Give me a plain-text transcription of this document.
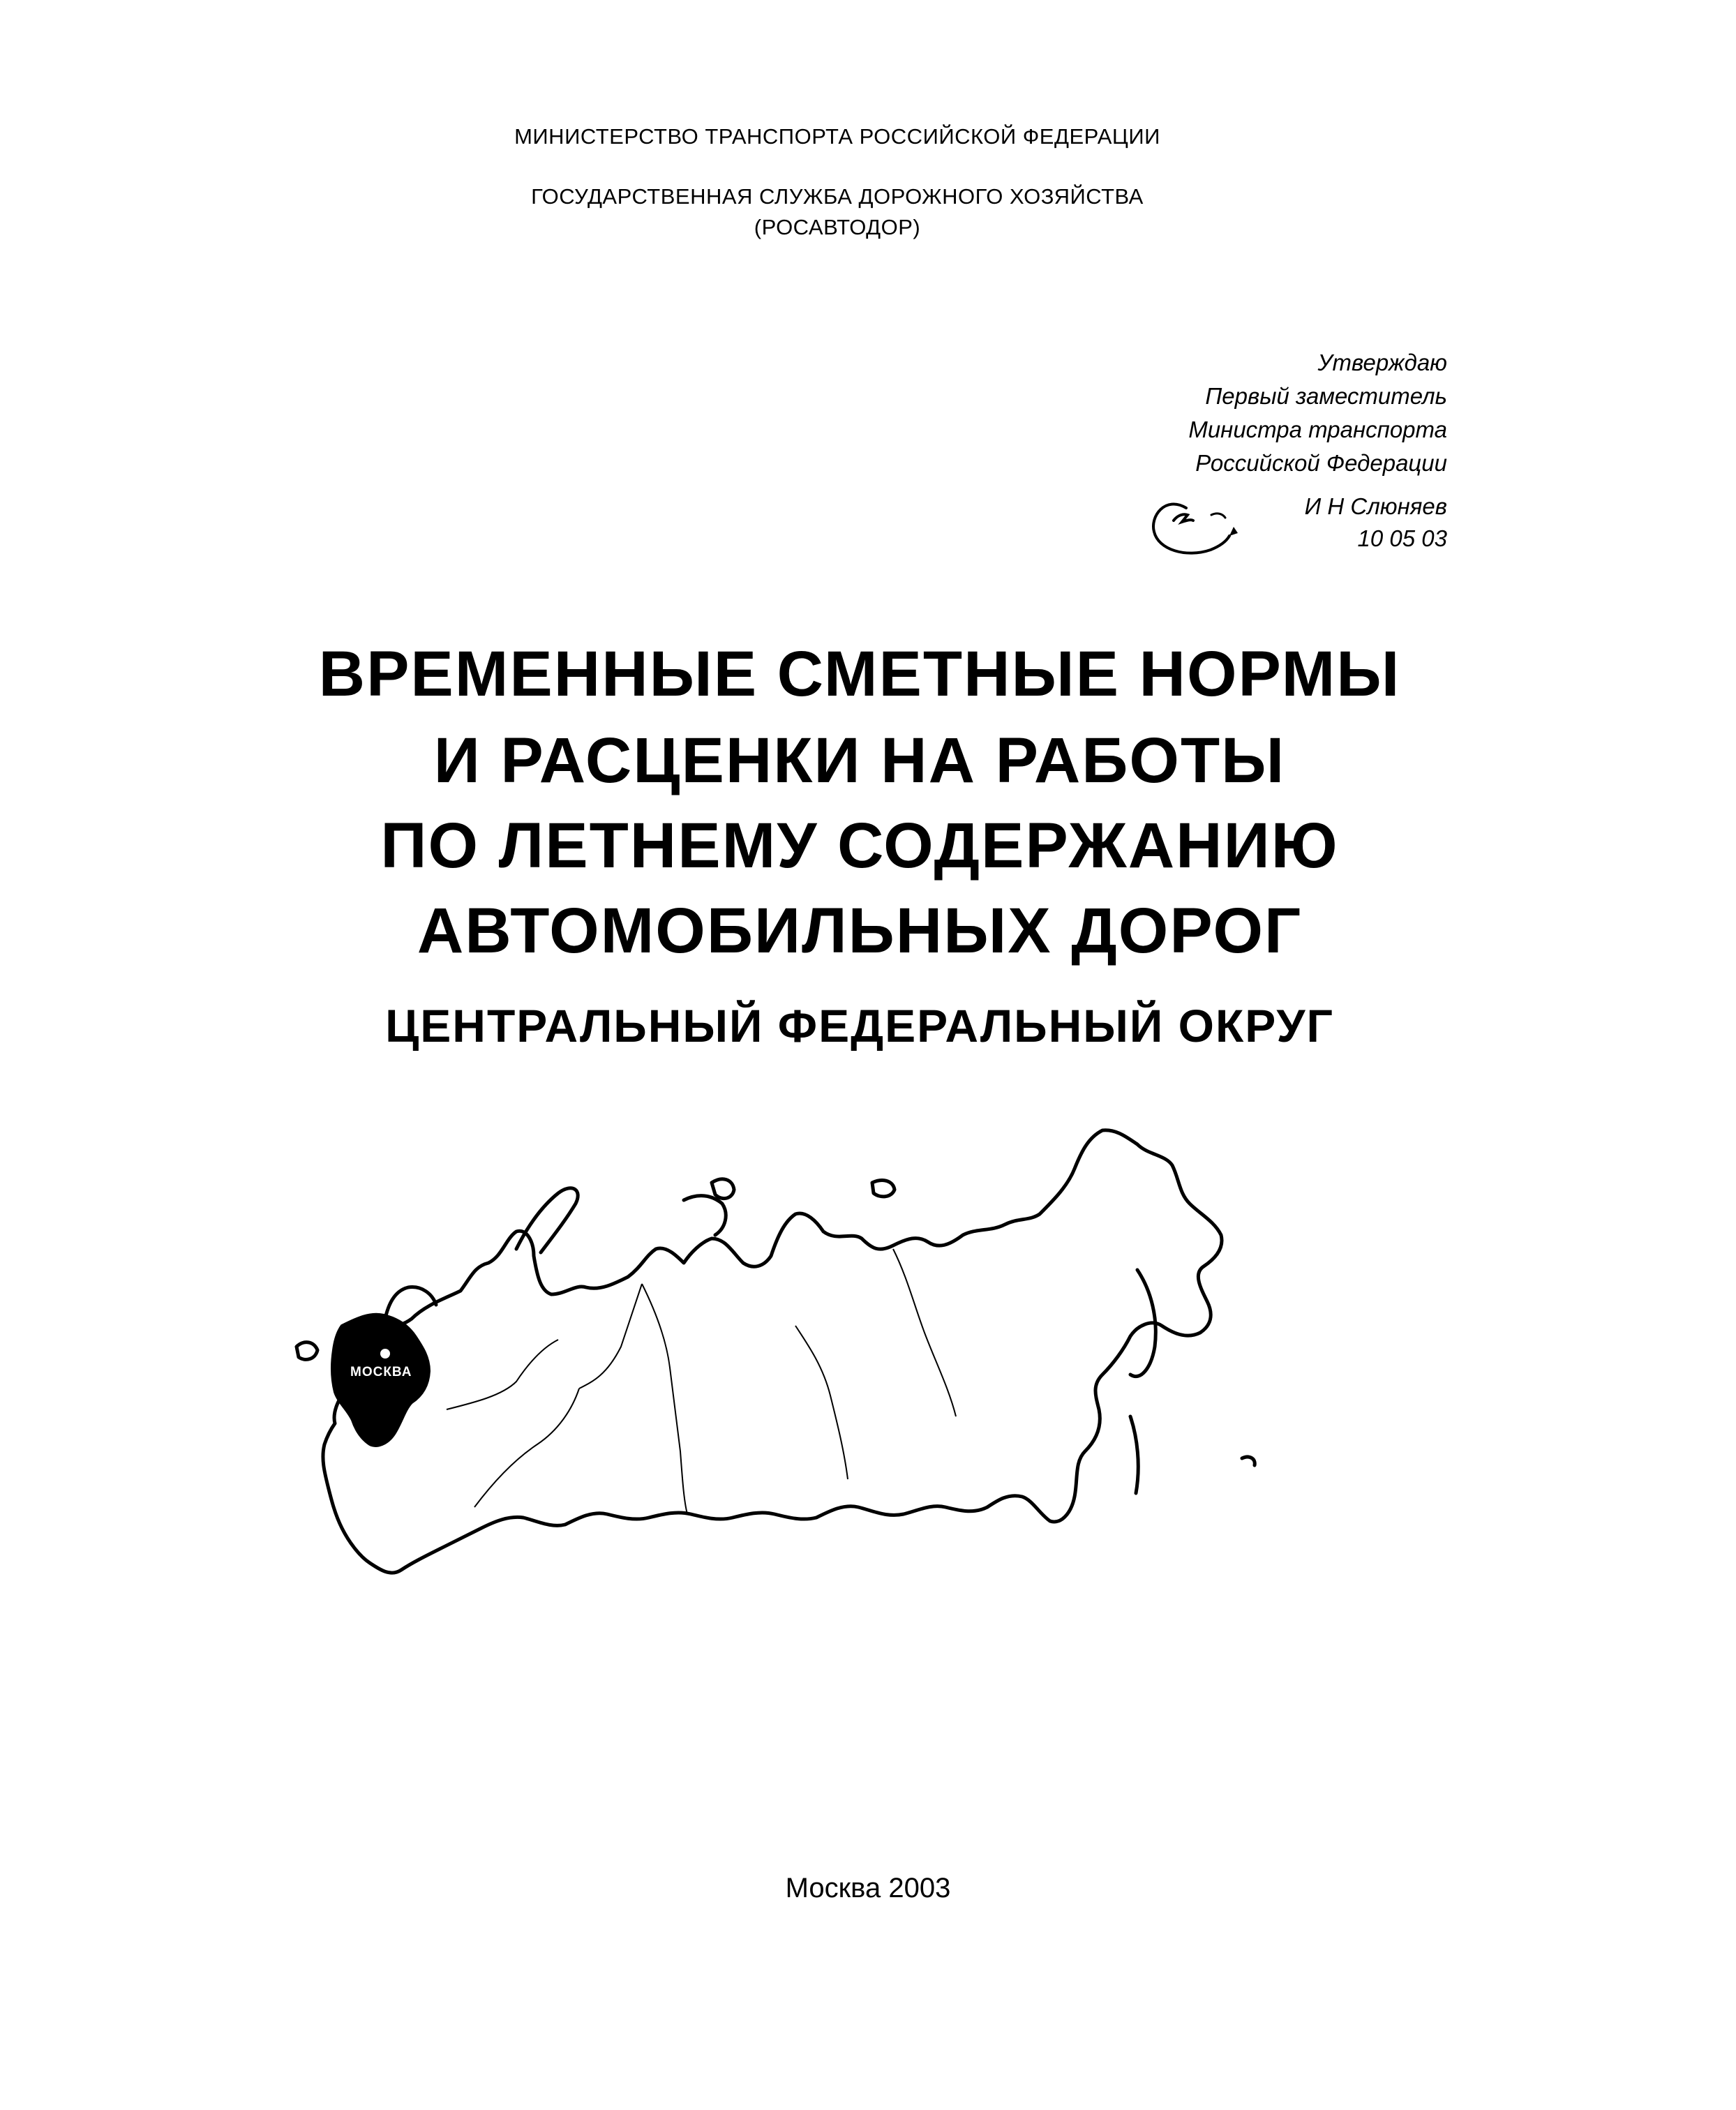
МИНИСТЕРСТВО ТРАНСПОРТА РОССИЙСКОЙ ФЕДЕРАЦИИ
ГОСУДАРСТВЕННАЯ СЛУЖБА ДОРОЖНОГО ХОЗЯЙСТВА
(РОСАВТОДОР)
Утверждаю
Первый заместитель
Министра транспорта
Российской Федерации
И Н Слюняев
10 05 03
ВРЕМЕННЫЕ СМЕТНЫЕ НОРМЫ
И РАСЦЕНКИ НА РАБОТЫ
ПО ЛЕТНЕМУ СОДЕРЖАНИЮ
АВТОМОБИЛЬНЫХ ДОРОГ
ЦЕНТРАЛЬНЫЙ ФЕДЕРАЛЬНЫЙ ОКРУГ
МОСКВА
Москва 2003
